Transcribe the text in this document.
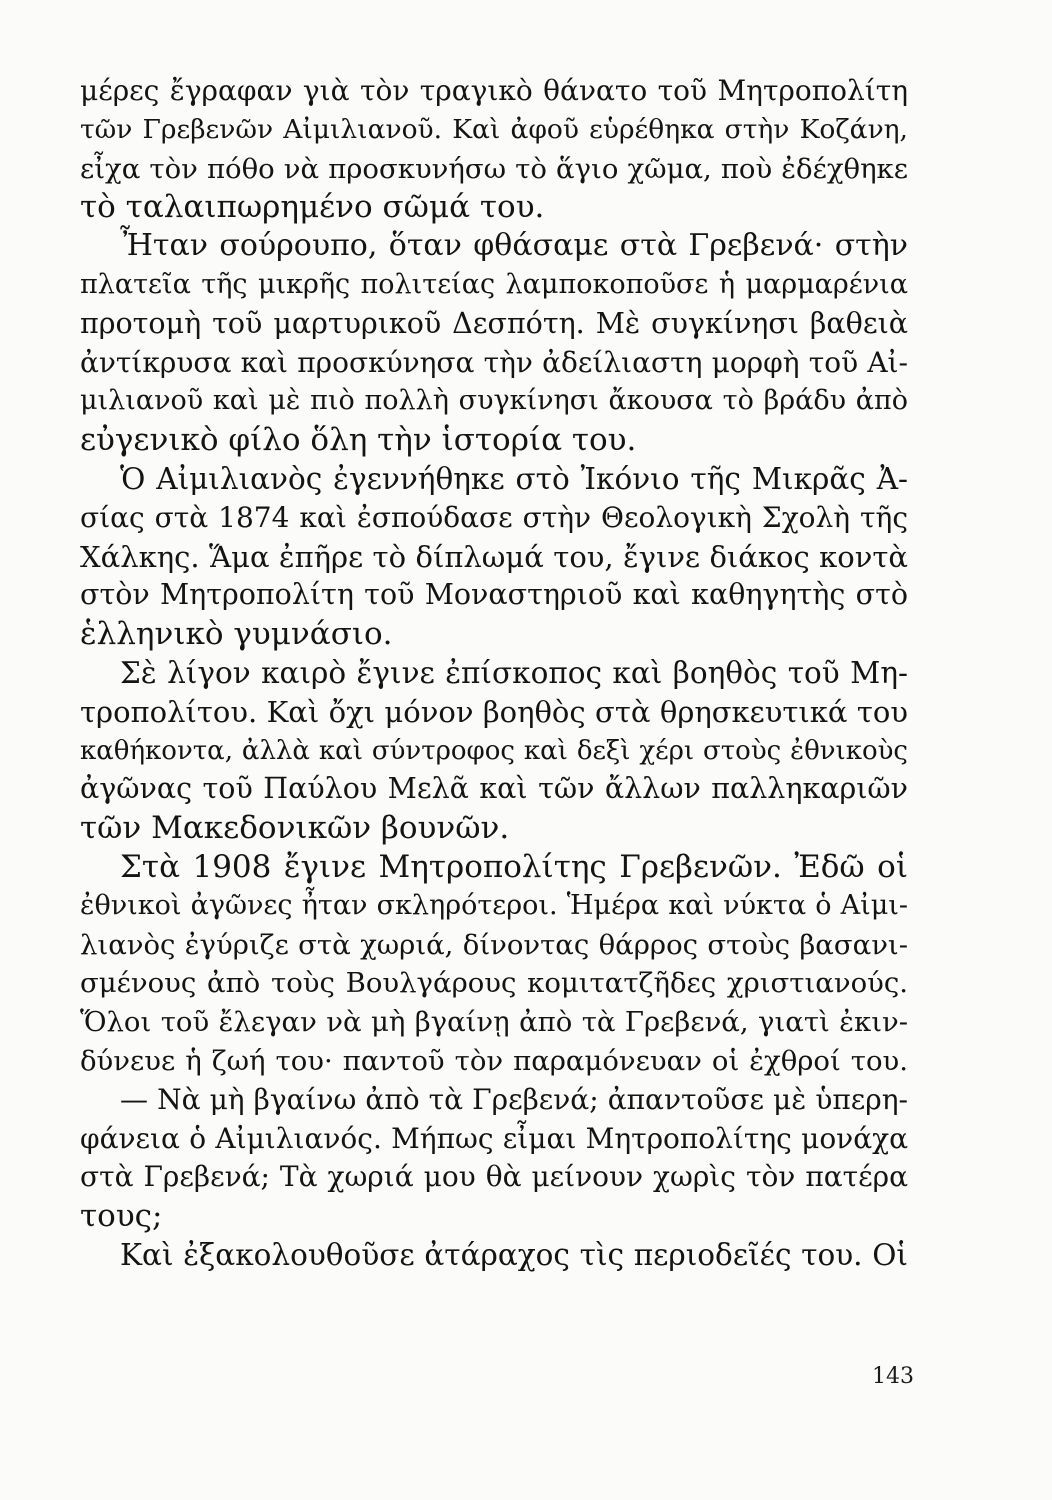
μέρες ἔγραφαν γιὰ τὸν τραγικὸ θάνατο τοῦ Μητροπολίτη
τῶν Γρεβενῶν Αἰμιλιανοῦ. Καὶ ἀφοῦ εὑρέθηκα στὴν Κοζάνη,
εἶχα τὸν πόθο νὰ προσκυνήσω τὸ ἅγιο χῶμα, ποὺ ἐδέχθηκε
τὸ ταλαιπωρημένο σῶμά του.
Ἦταν σούρουπο, ὅταν φθάσαμε στὰ Γρεβενά· στὴν
πλατεῖα τῆς μικρῆς πολιτείας λαμποκοποῦσε ἡ μαρμαρένια
προτομὴ τοῦ μαρτυρικοῦ Δεσπότη. Μὲ συγκίνησι βαθειὰ
ἀντίκρυσα καὶ προσκύνησα τὴν ἀδείλιαστη μορφὴ τοῦ Αἰ-
μιλιανοῦ καὶ μὲ πιὸ πολλὴ συγκίνησι ἄκουσα τὸ βράδυ ἀπὸ
εὐγενικὸ φίλο ὅλη τὴν ἱστορία του.
Ὁ Αἰμιλιανὸς ἐγεννήθηκε στὸ Ἰκόνιο τῆς Μικρᾶς Ἀ-
σίας στὰ 1874 καὶ ἐσπούδασε στὴν Θεολογικὴ Σχολὴ τῆς
Χάλκης. Ἅμα ἐπῆρε τὸ δίπλωμά του, ἔγινε διάκος κοντὰ
στὸν Μητροπολίτη τοῦ Μοναστηριοῦ καὶ καθηγητὴς στὸ
ἑλληνικὸ γυμνάσιο.
Σὲ λίγον καιρὸ ἔγινε ἐπίσκοπος καὶ βοηθὸς τοῦ Μη-
τροπολίτου. Καὶ ὄχι μόνον βοηθὸς στὰ θρησκευτικά του
καθήκοντα, ἀλλὰ καὶ σύντροφος καὶ δεξὶ χέρι στοὺς ἐθνικοὺς
ἀγῶνας τοῦ Παύλου Μελᾶ καὶ τῶν ἄλλων παλληκαριῶν
τῶν Μακεδονικῶν βουνῶν.
Στὰ 1908 ἔγινε Μητροπολίτης Γρεβενῶν. Ἐδῶ οἱ
ἐθνικοὶ ἀγῶνες ἦταν σκληρότεροι. Ἡμέρα καὶ νύκτα ὁ Αἰμι-
λιανὸς ἐγύριζε στὰ χωριά, δίνοντας θάρρος στοὺς βασανι-
σμένους ἀπὸ τοὺς Βουλγάρους κομιτατζῆδες χριστιανούς.
Ὅλοι τοῦ ἔλεγαν νὰ μὴ βγαίνῃ ἀπὸ τὰ Γρεβενά, γιατὶ ἐκιν-
δύνευε ἡ ζωή του· παντοῦ τὸν παραμόνευαν οἱ ἐχθροί του.
— Νὰ μὴ βγαίνω ἀπὸ τὰ Γρεβενά; ἀπαντοῦσε μὲ ὑπερη-
φάνεια ὁ Αἰμιλιανός. Μήπως εἶμαι Μητροπολίτης μονάχα
στὰ Γρεβενά; Τὰ χωριά μου θὰ μείνουν χωρὶς τὸν πατέρα
τους;
Καὶ ἐξακολουθοῦσε ἀτάραχος τὶς περιοδεῖές του. Οἱ
143
